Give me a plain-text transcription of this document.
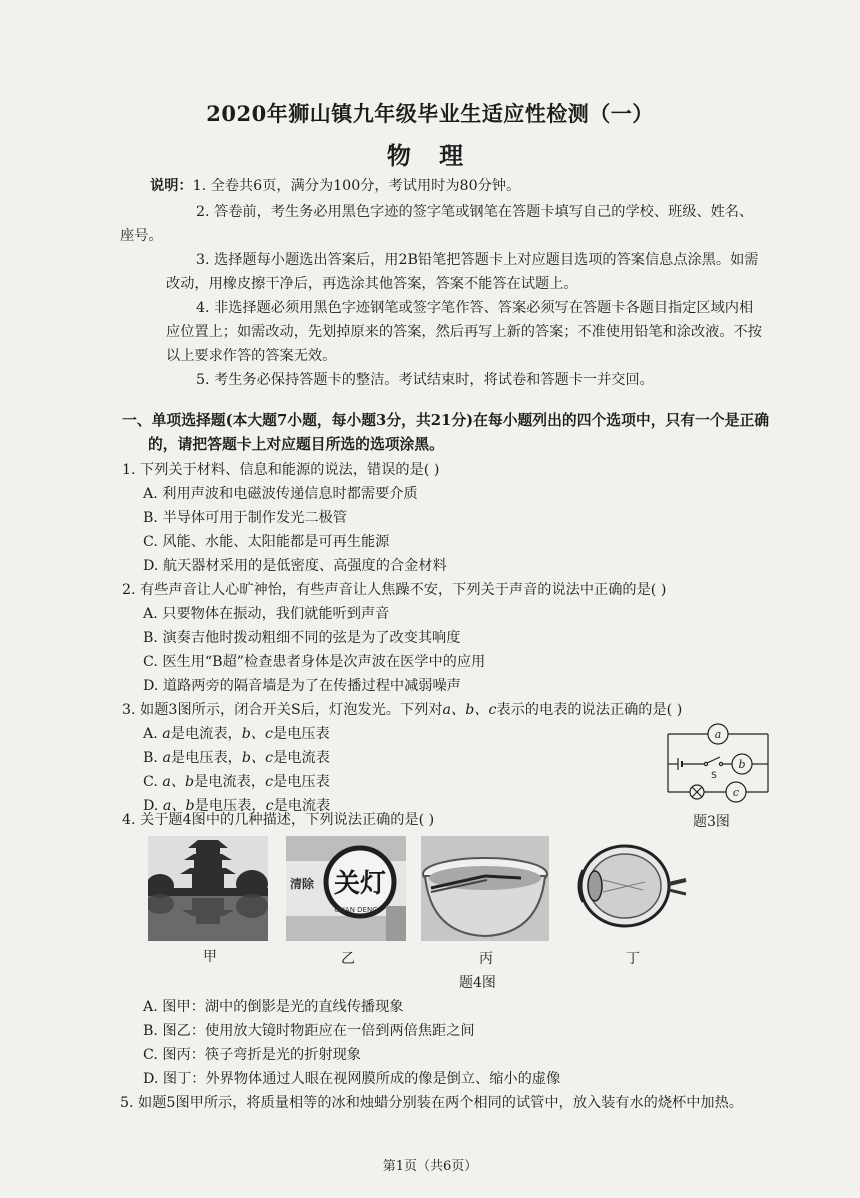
2020年狮山镇九年级毕业生适应性检测（一）
物 理
说明：1. 全卷共6页，满分为100分，考试用时为80分钟。
2. 答卷前，考生务必用黑色字迹的签字笔或钢笔在答题卡填写自己的学校、班级、姓名、
座号。
3. 选择题每小题选出答案后，用2B铅笔把答题卡上对应题目选项的答案信息点涂黑。如需
改动，用橡皮擦干净后，再选涂其他答案，答案不能答在试题上。
4. 非选择题必须用黑色字迹钢笔或签字笔作答、答案必须写在答题卡各题目指定区域内相
应位置上；如需改动，先划掉原来的答案，然后再写上新的答案；不准使用铅笔和涂改液。不按
以上要求作答的答案无效。
5. 考生务必保持答题卡的整洁。考试结束时，将试卷和答题卡一并交回。
一、单项选择题(本大题7小题，每小题3分，共21分)在每小题列出的四个选项中，只有一个是正确
的，请把答题卡上对应题目所选的选项涂黑。
1. 下列关于材料、信息和能源的说法，错误的是( )
A. 利用声波和电磁波传递信息时都需要介质
B. 半导体可用于制作发光二极管
C. 风能、水能、太阳能都是可再生能源
D. 航天器材采用的是低密度、高强度的合金材料
2. 有些声音让人心旷神怡，有些声音让人焦躁不安，下列关于声音的说法中正确的是( )
A. 只要物体在振动，我们就能听到声音
B. 演奏吉他时拨动粗细不同的弦是为了改变其响度
C. 医生用“B超”检查患者身体是次声波在医学中的应用
D. 道路两旁的隔音墙是为了在传播过程中减弱噪声
3. 如题3图所示，闭合开关S后，灯泡发光。下列对a、b、c表示的电表的说法正确的是( )
A. a是电流表，b、c是电压表
B. a是电压表，b、c是电流表
C. a、b是电流表，c是电压表
D. a、b是电压表，c是电流表
a
b
c
S
题3图
4. 关于题4图中的几种描述，下列说法正确的是( )
清除 关灯
GUAN DENG
甲	乙	丙	丁
题4图
A. 图甲：湖中的倒影是光的直线传播现象
B. 图乙：使用放大镜时物距应在一倍到两倍焦距之间
C. 图丙：筷子弯折是光的折射现象
D. 图丁：外界物体通过人眼在视网膜所成的像是倒立、缩小的虚像
5. 如题5图甲所示，将质量相等的冰和烛蜡分别装在两个相同的试管中，放入装有水的烧杯中加热。
第1页（共6页）
